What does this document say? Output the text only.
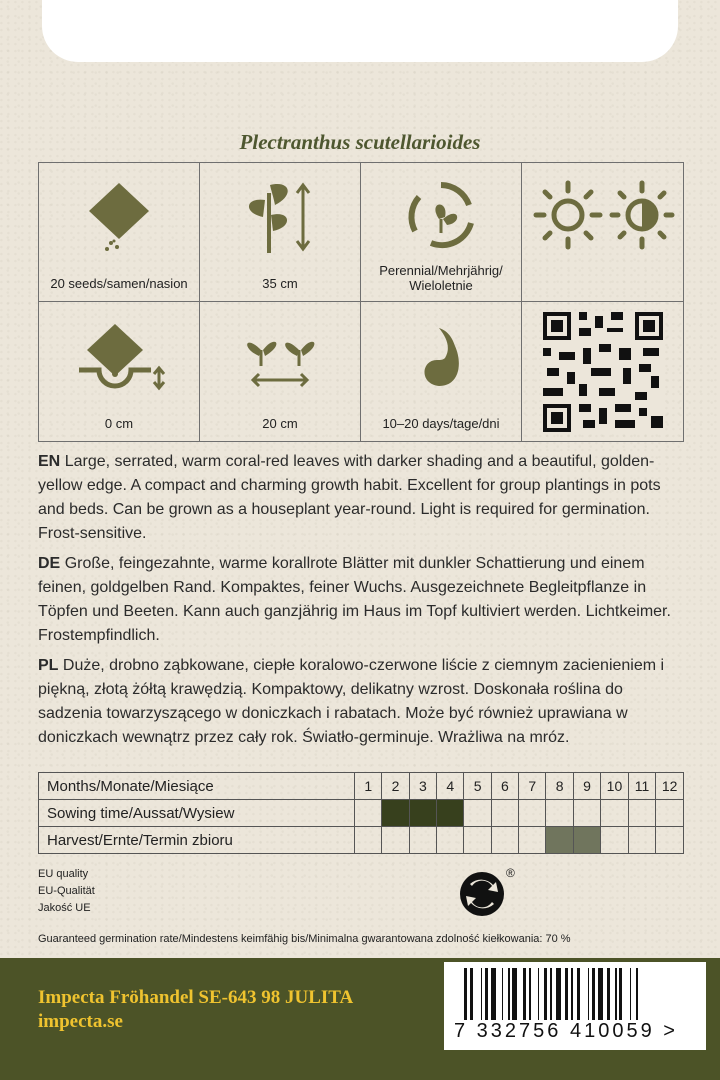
Plectranthus scutellarioides
20 seeds/samen/nasion	35 cm
Perennial/Mehrjährig/
Wieloletnie
0 cm	20 cm	10–20 days/tage/dni

EN Large, serrated, warm coral-red leaves with darker shading and a beautiful, golden-yellow edge. A compact and charming growth habit. Excellent for group plantings in pots and beds. Can be grown as a houseplant year-round. Light is required for germination. Frost-sensitive.

DE Große, feingezahnte, warme korallrote Blätter mit dunkler Schattierung und einem feinen, goldgelben Rand. Kompaktes, feiner Wuchs. Ausgezeichnete Begleitpflanze in Töpfen und Beeten. Kann auch ganzjährig im Haus im Topf kultiviert werden. Lichtkeimer. Frostempfindlich.

PL Duże, drobno ząbkowane, ciepłe koralowo-czerwone liście z ciemnym zacienieniem i piękną, złotą żółtą krawędzią. Kompaktowy, delikatny wzrost. Doskonała roślina do sadzenia towarzyszącego w doniczkach i rabatach. Może być również uprawiana w doniczkach wewnątrz przez cały rok. Światło-germinuje. Wrażliwa na mróz.

Months/Monate/Miesiące	1	2	3	4	5	6	7	8	9	10	11	12
Sowing time/Aussat/Wysiew												
Harvest/Ernte/Termin zbioru												
EU quality
EU-Qualität
Jakość UE
®
Guaranteed germination rate/Mindestens keimfähig bis/Minimalna gwarantowana zdolność kiełkowania: 70 %
Impecta Fröhandel SE-643 98 JULITA
impecta.se	7 332756 410059 >
